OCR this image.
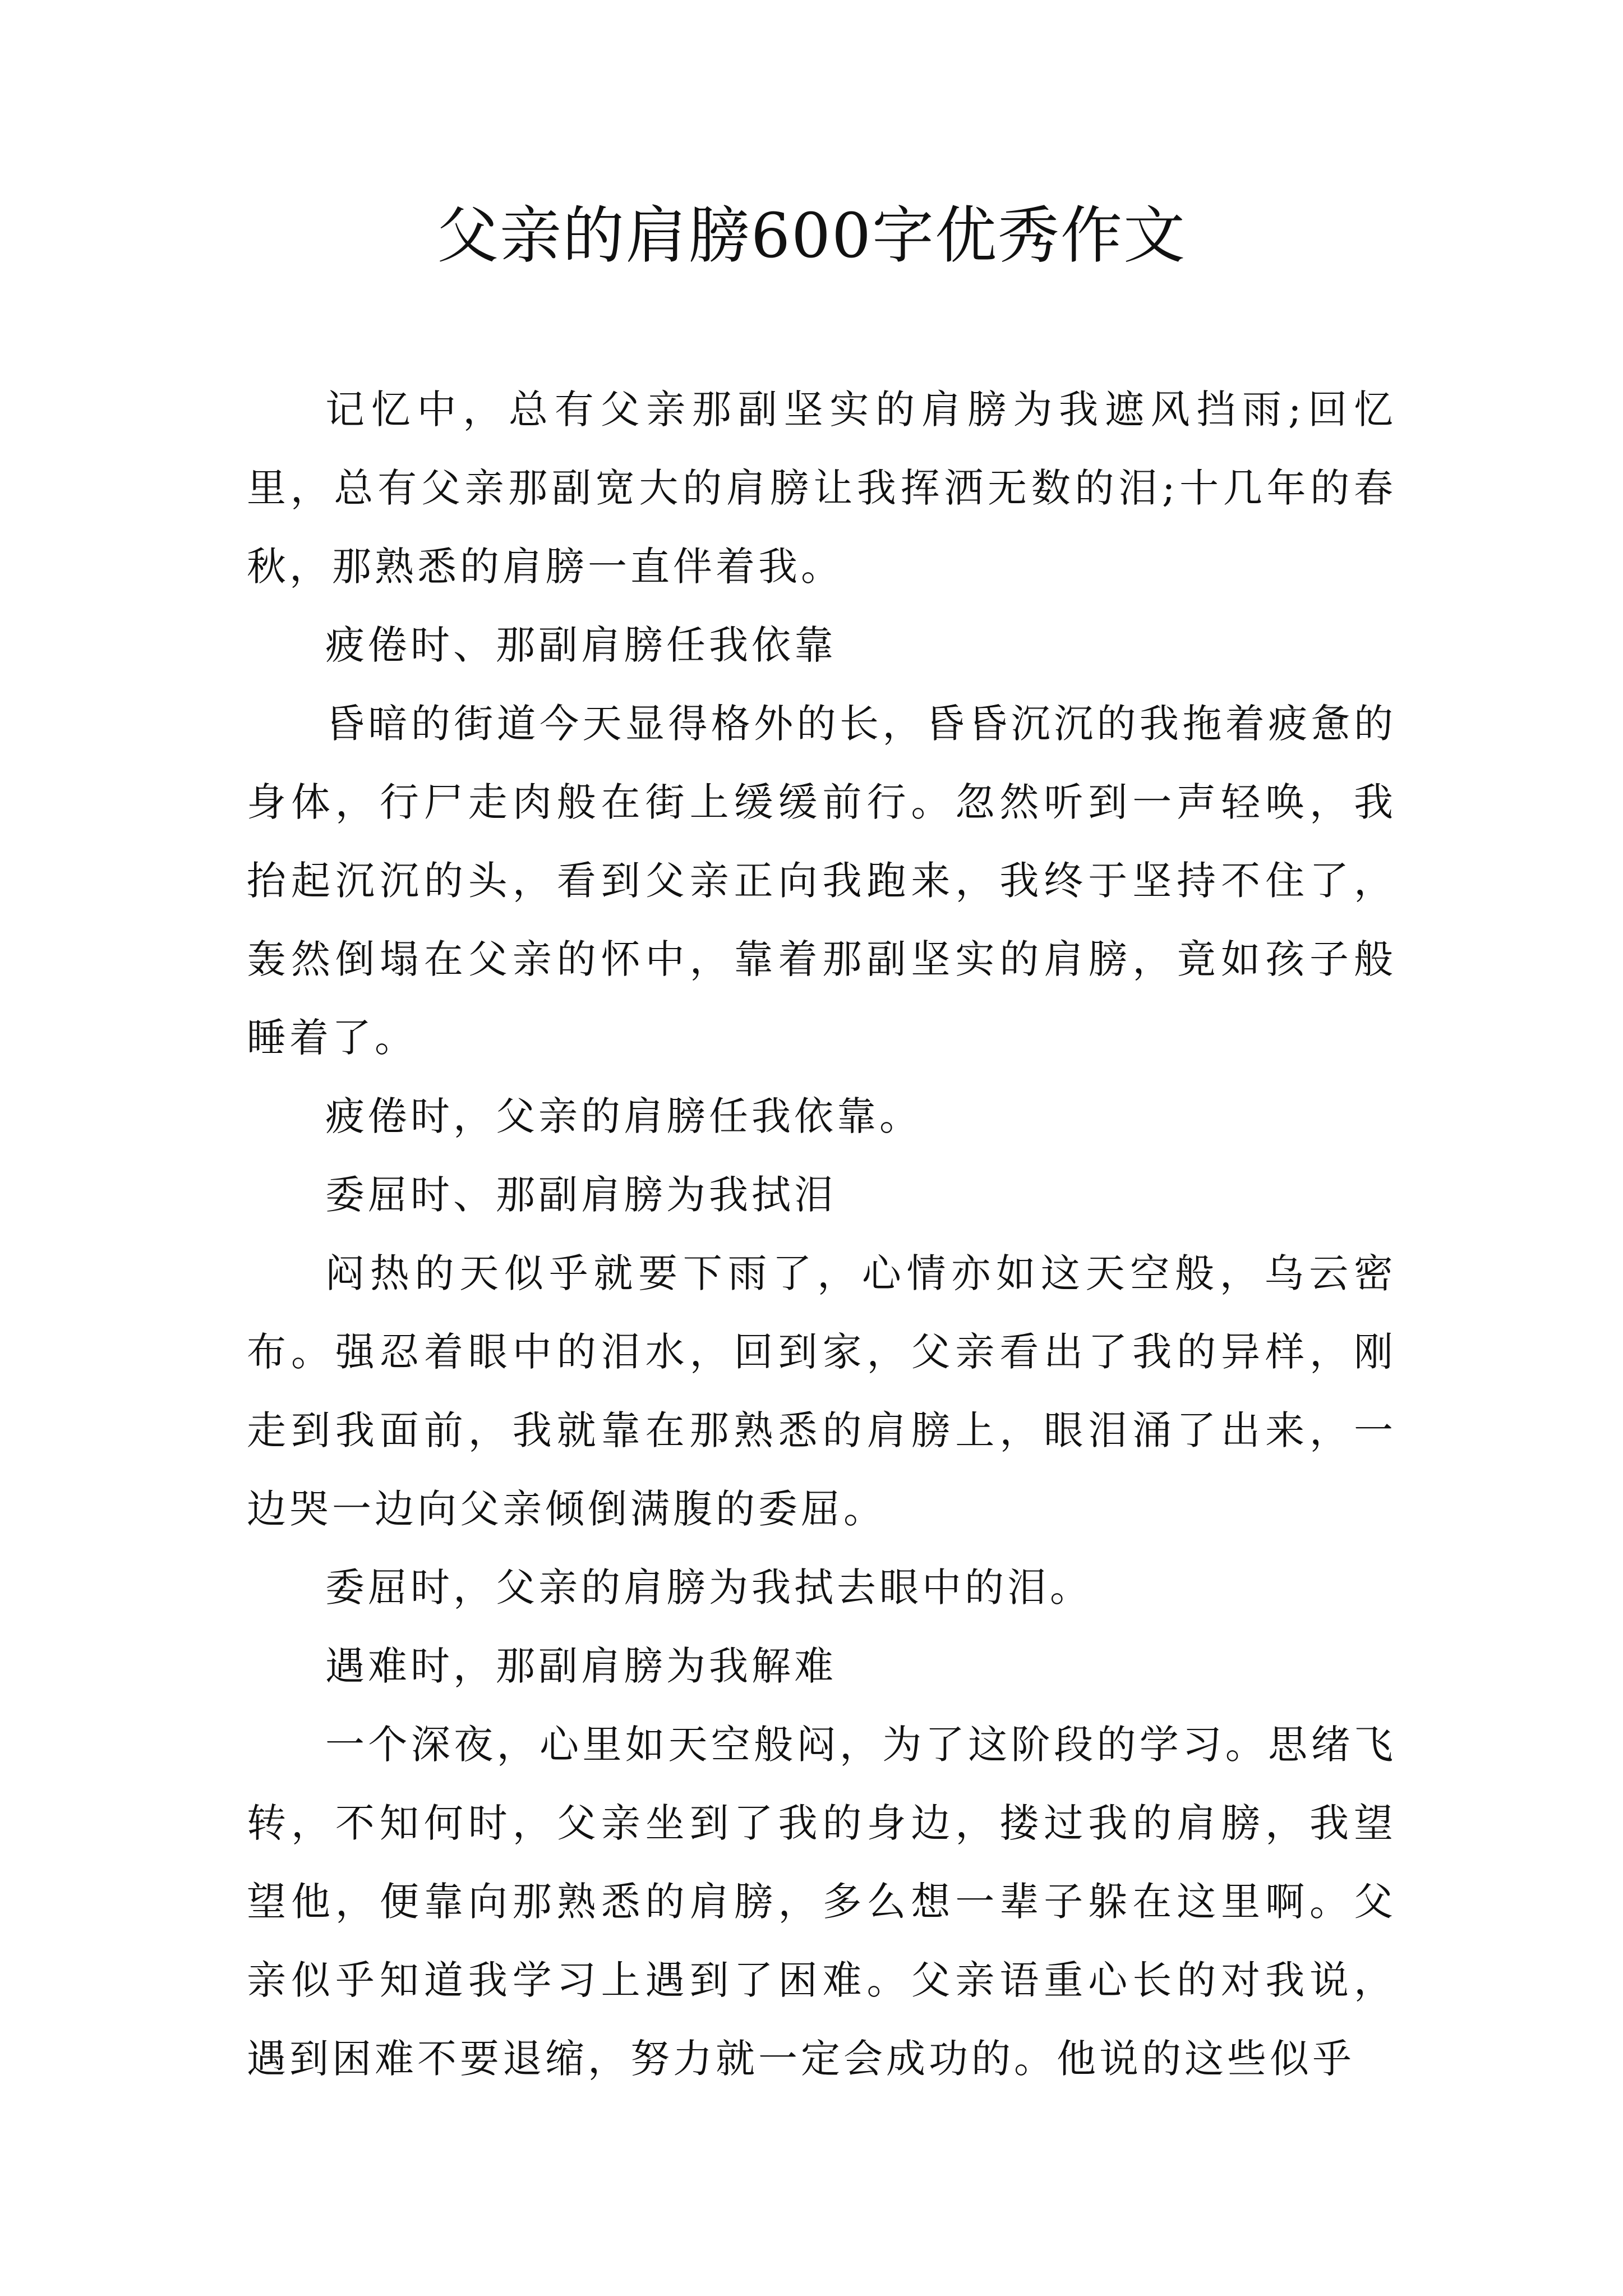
父亲的肩膀600字优秀作文

记忆中，总有父亲那副坚实的肩膀为我遮风挡雨;回忆里，总有父亲那副宽大的肩膀让我挥洒无数的泪;十几年的春秋，那熟悉的肩膀一直伴着我。

疲倦时、那副肩膀任我依靠

昏暗的街道今天显得格外的长，昏昏沉沉的我拖着疲惫的身体，行尸走肉般在街上缓缓前行。忽然听到一声轻唤，我抬起沉沉的头，看到父亲正向我跑来，我终于坚持不住了，轰然倒塌在父亲的怀中，靠着那副坚实的肩膀，竟如孩子般睡着了。

疲倦时，父亲的肩膀任我依靠。

委屈时、那副肩膀为我拭泪

闷热的天似乎就要下雨了，心情亦如这天空般，乌云密布。强忍着眼中的泪水，回到家，父亲看出了我的异样，刚走到我面前，我就靠在那熟悉的肩膀上，眼泪涌了出来，一边哭一边向父亲倾倒满腹的委屈。

委屈时，父亲的肩膀为我拭去眼中的泪。

遇难时，那副肩膀为我解难

一个深夜，心里如天空般闷，为了这阶段的学习。思绪飞转，不知何时，父亲坐到了我的身边，搂过我的肩膀，我望望他，便靠向那熟悉的肩膀，多么想一辈子躲在这里啊。父亲似乎知道我学习上遇到了困难。父亲语重心长的对我说，遇到困难不要退缩，努力就一定会成功的。他说的这些似乎
